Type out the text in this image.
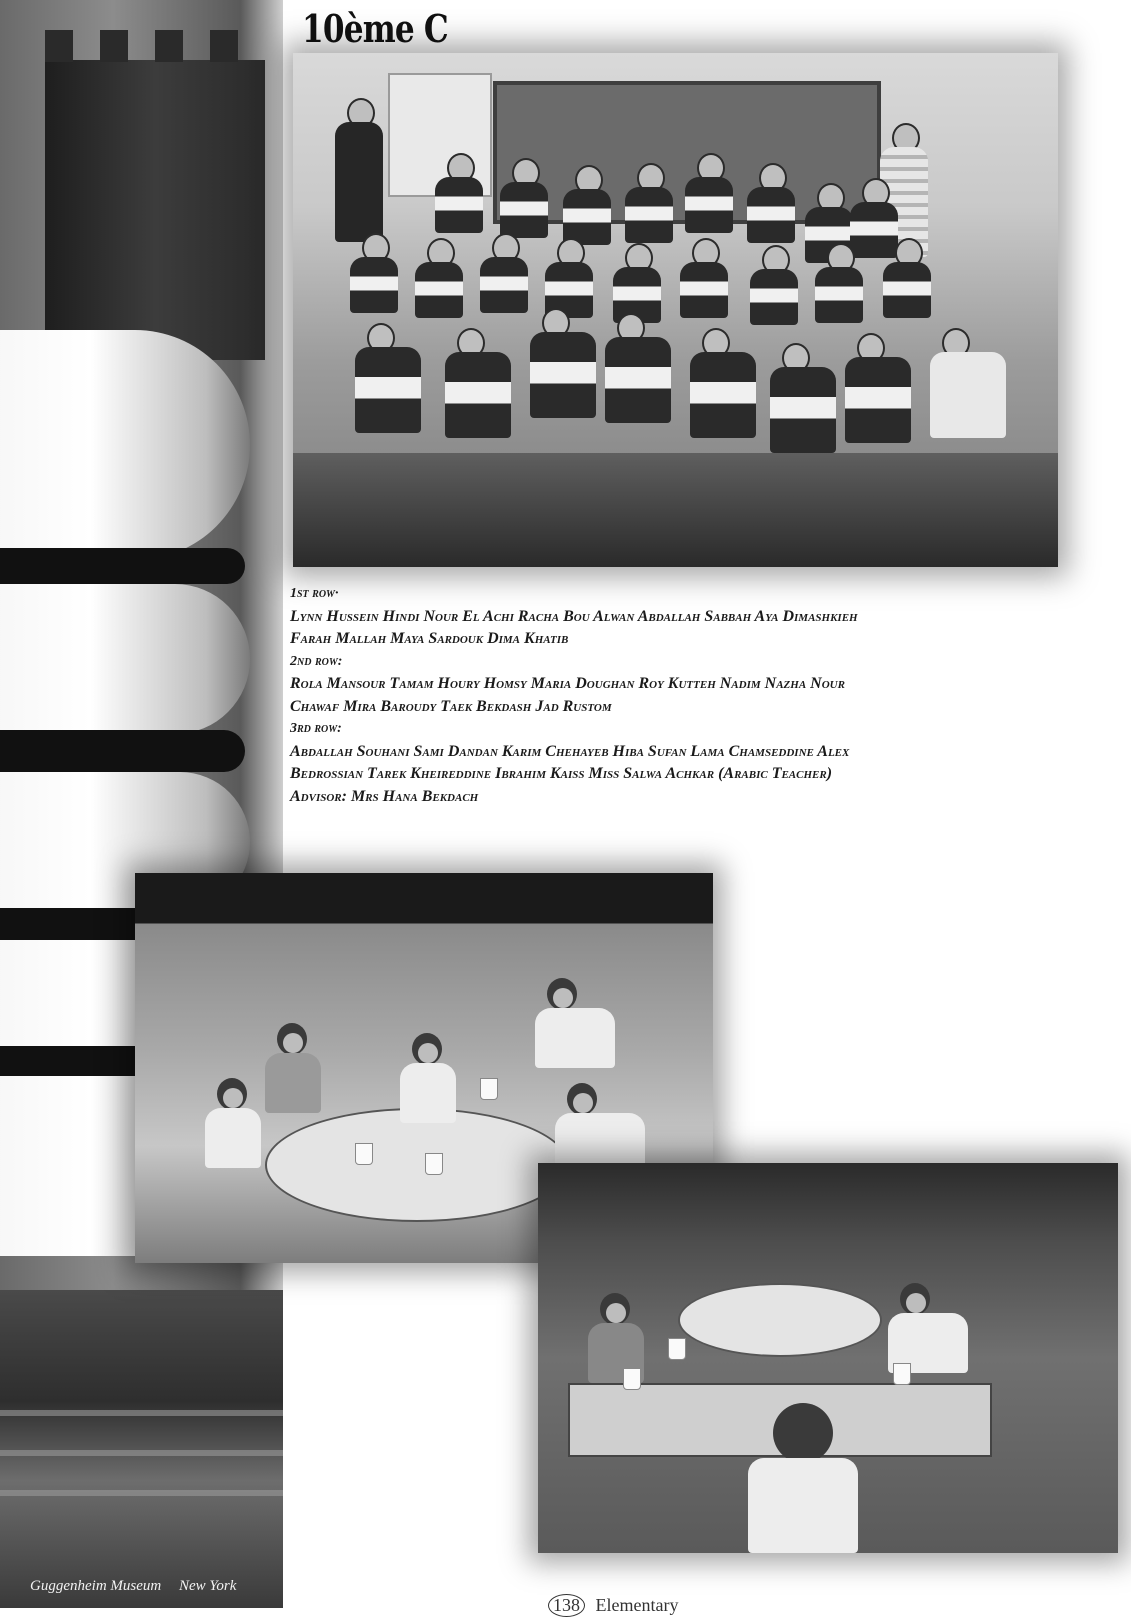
Guggenheim Museum New York
10ème C

1st row·

Lynn Hussein Hindi Nour El Achi Racha Bou Alwan Abdallah Sabbah Aya Dimashkieh

Farah Mallah Maya Sardouk Dima Khatib

2nd row:

Rola Mansour Tamam Houry Homsy Maria Doughan Roy Kutteh Nadim Nazha Nour

Chawaf Mira Baroudy Taek Bekdash Jad Rustom

3rd row:

Abdallah Souhani Sami Dandan Karim Chehayeb Hiba Sufan Lama Chamseddine Alex

Bedrossian Tarek Kheireddine Ibrahim Kaiss Miss Salwa Achkar (Arabic Teacher)

Advisor: Mrs Hana Bekdach

138 Elementary
